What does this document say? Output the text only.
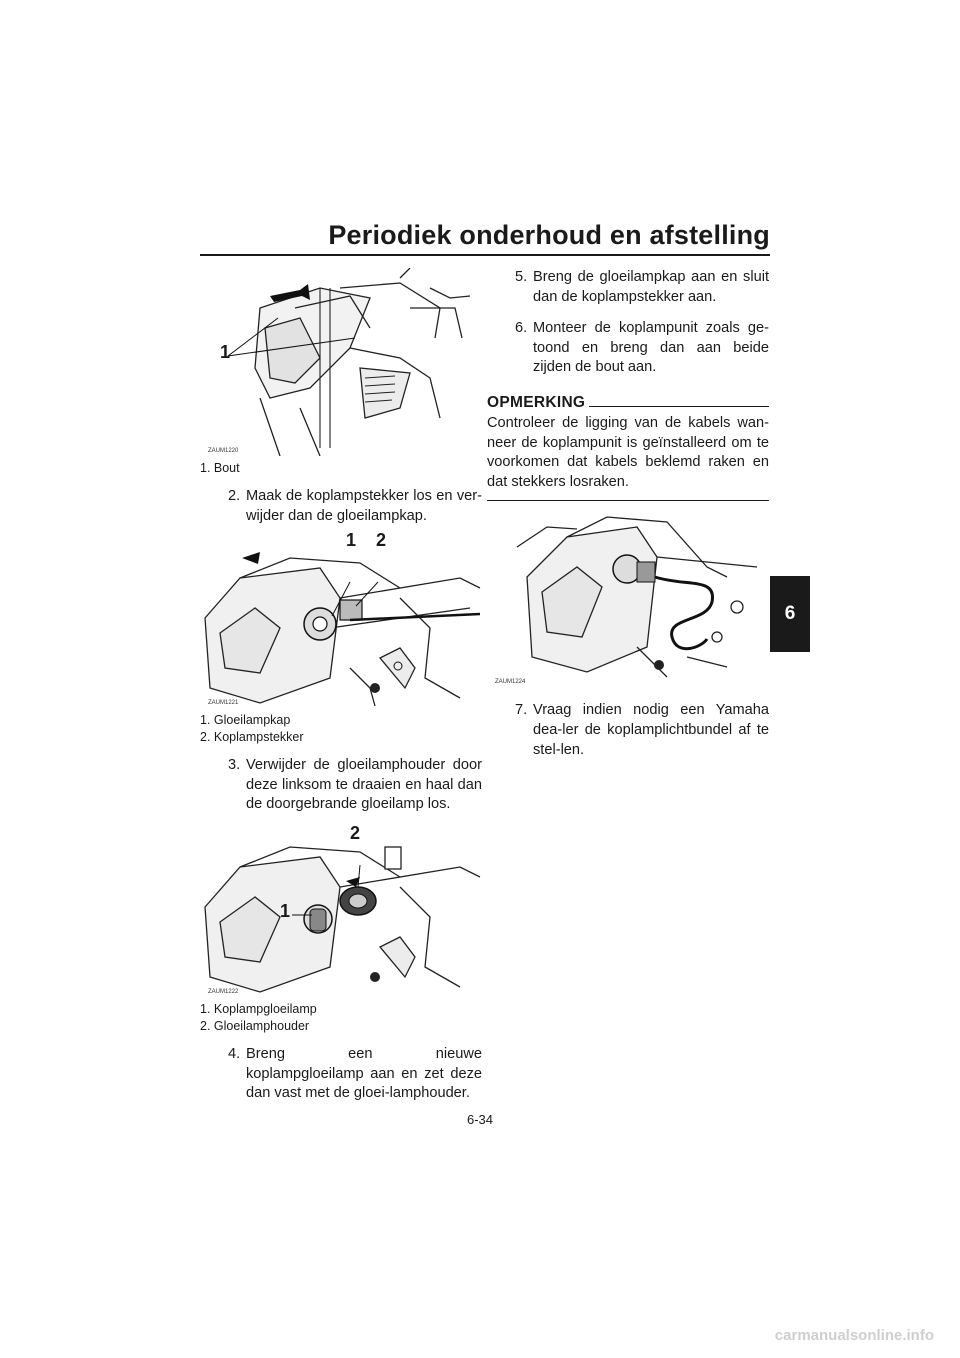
Periodiek onderhoud en afstelling
6
1
ZAUM1220
1. Bout

2. Maak de koplampstekker los en ver-wijder dan de gloeilampkap.

1 2
ZAUM1221
1. Gloeilampkap
2. Koplampstekker

3. Verwijder de gloeilamphouder door deze linksom te draaien en haal dan de doorgebrande gloeilamp los.

2
1
ZAUM1222
1. Koplampgloeilamp
2. Gloeilamphouder

4. Breng een nieuwe koplampgloeilamp aan en zet deze dan vast met de gloei-lamphouder.

5. Breng de gloeilampkap aan en sluit dan de koplampstekker aan.

6. Monteer de koplampunit zoals ge-toond en breng dan aan beide zijden de bout aan.

OPMERKING

Controleer de ligging van de kabels wan-neer de koplampunit is geïnstalleerd om te voorkomen dat kabels beklemd raken en dat stekkers losraken.

ZAUM1224

7. Vraag indien nodig een Yamaha dea-ler de koplamplichtbundel af te stel-len.

6-34
carmanualsonline.info
